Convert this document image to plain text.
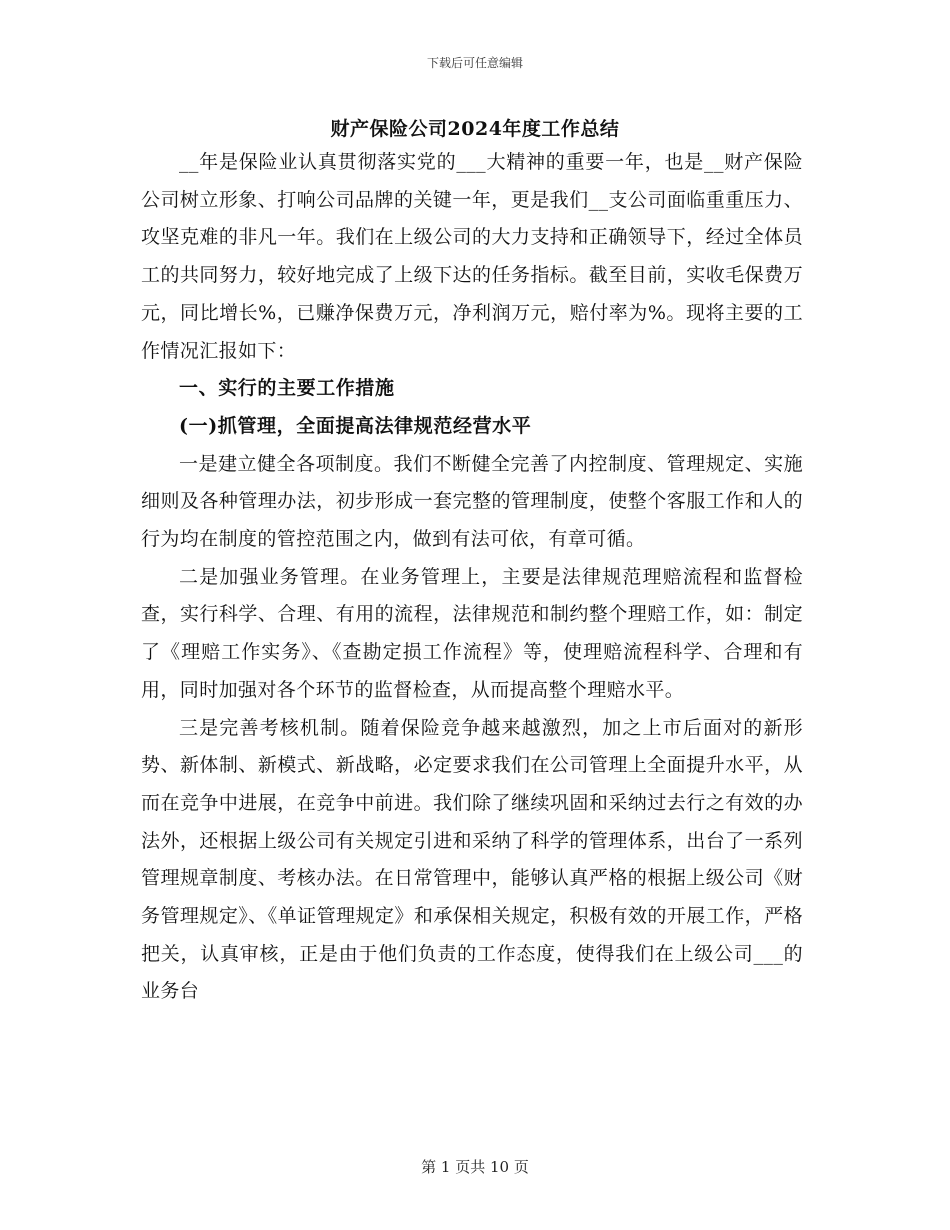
下载后可任意编辑
财产保险公司2024年度工作总结

__年是保险业认真贯彻落实党的___大精神的重要一年，也是__财产保险公司树立形象、打响公司品牌的关键一年，更是我们__支公司面临重重压力、攻坚克难的非凡一年。我们在上级公司的大力支持和正确领导下，经过全体员工的共同努力，较好地完成了上级下达的任务指标。截至目前，实收毛保费万元，同比增长%，已赚净保费万元，净利润万元，赔付率为%。现将主要的工作情况汇报如下：

一、实行的主要工作措施

(一)抓管理，全面提高法律规范经营水平

一是建立健全各项制度。我们不断健全完善了内控制度、管理规定、实施细则及各种管理办法，初步形成一套完整的管理制度，使整个客服工作和人的行为均在制度的管控范围之内，做到有法可依，有章可循。

二是加强业务管理。在业务管理上，主要是法律规范理赔流程和监督检查，实行科学、合理、有用的流程，法律规范和制约整个理赔工作，如：制定了《理赔工作实务》、《查勘定损工作流程》等，使理赔流程科学、合理和有用，同时加强对各个环节的监督检查，从而提高整个理赔水平。

三是完善考核机制。随着保险竞争越来越激烈，加之上市后面对的新形势、新体制、新模式、新战略，必定要求我们在公司管理上全面提升水平，从而在竞争中进展，在竞争中前进。我们除了继续巩固和采纳过去行之有效的办法外，还根据上级公司有关规定引进和采纳了科学的管理体系，出台了一系列管理规章制度、考核办法。在日常管理中，能够认真严格的根据上级公司《财务管理规定》、《单证管理规定》和承保相关规定，积极有效的开展工作，严格把关，认真审核，正是由于他们负责的工作态度，使得我们在上级公司___的业务台

第 1 页共 10 页
